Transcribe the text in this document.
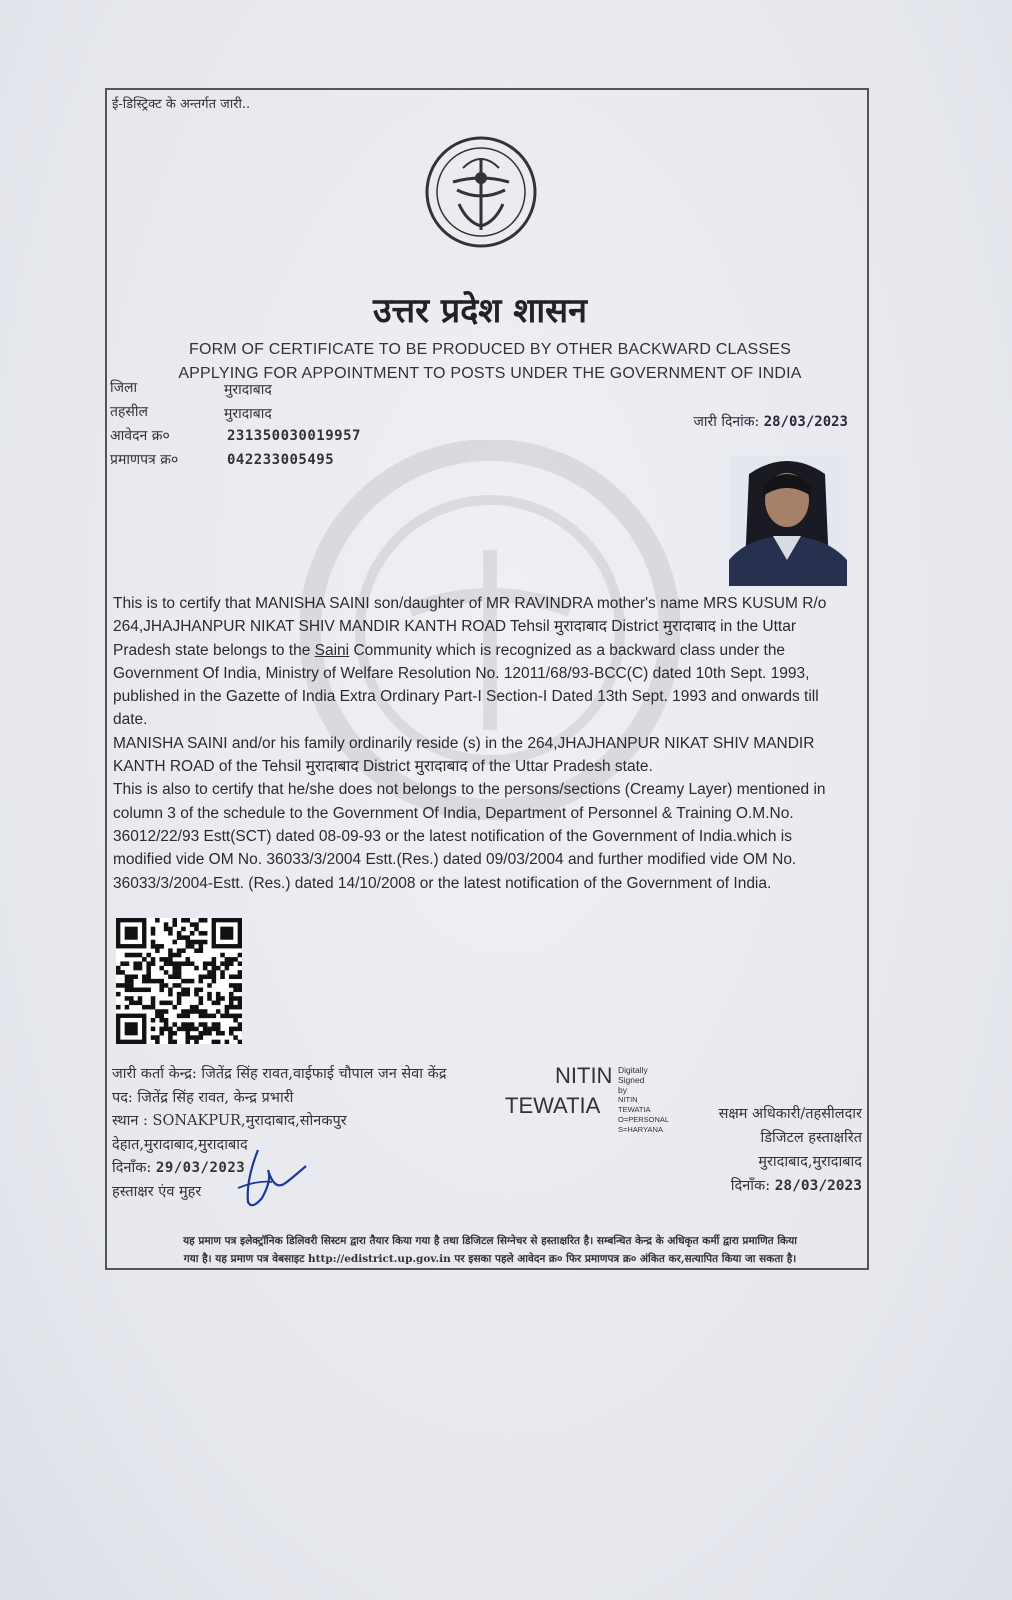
ई-डिस्ट्रिक्ट के अन्तर्गत जारी..
उत्तर प्रदेश शासन
FORM OF CERTIFICATE TO BE PRODUCED BY OTHER BACKWARD CLASSES
APPLYING FOR APPOINTMENT TO POSTS UNDER THE GOVERNMENT OF INDIA
जिला	मुरादाबाद
तहसील	मुरादाबाद
आवेदन क्र०	231350030019957
प्रमाणपत्र क्र०	042233005495
जारी दिनांक: 28/03/2023

This is to certify that MANISHA SAINI son/daughter of MR RAVINDRA mother's name MRS KUSUM R/o 264,JHAJHANPUR NIKAT SHIV MANDIR KANTH ROAD Tehsil मुरादाबाद District मुरादाबाद in the Uttar Pradesh state belongs to the Saini Community which is recognized as a backward class under the Government Of India, Ministry of Welfare Resolution No. 12011/68/93-BCC(C) dated 10th Sept. 1993, published in the Gazette of India Extra Ordinary Part-I Section-I Dated 13th Sept. 1993 and onwards till date.

MANISHA SAINI and/or his family ordinarily reside (s) in the 264,JHAJHANPUR NIKAT SHIV MANDIR KANTH ROAD of the Tehsil मुरादाबाद District मुरादाबाद of the Uttar Pradesh state.

This is also to certify that he/she does not belongs to the persons/sections (Creamy Layer) mentioned in column 3 of the schedule to the Government Of India, Department of Personnel & Training O.M.No. 36012/22/93 Estt(SCT) dated 08-09-93 or the latest notification of the Government of India.which is modified vide OM No. 36033/3/2004 Estt.(Res.) dated 09/03/2004 and further modified vide OM No. 36033/3/2004-Estt. (Res.) dated 14/10/2008 or the latest notification of the Government of India.

जारी कर्ता केन्द्र: जितेंद्र सिंह रावत,वाईफाई चौपाल जन सेवा केंद्र
पद: जितेंद्र सिंह रावत, केन्द्र प्रभारी
स्थान : SONAKPUR,मुरादाबाद,सोनकपुर
देहात,मुरादाबाद,मुरादाबाद
दिनाँक: 29/03/2023
हस्ताक्षर एंव मुहर
NITIN Digitally
Signed by
TEWATIA NITIN TEWATIA
O=PERSONAL
S=HARYANA
सक्षम अधिकारी/तहसीलदार
डिजिटल हस्ताक्षरित
मुरादाबाद,मुरादाबाद
दिनाँक: 28/03/2023
यह प्रमाण पत्र इलेक्ट्रॉनिक डिलिवरी सिस्टम द्वारा तैयार किया गया है तथा डिजिटल सिग्नेचर से हस्ताक्षरित है। सम्बन्धित केन्द्र के अधिकृत कर्मी द्वारा प्रमाणित किया
गया है। यह प्रमाण पत्र वेबसाइट http://edistrict.up.gov.in पर इसका पहले आवेदन क्र० फिर प्रमाणपत्र क्र० अंकित कर,सत्यापित किया जा सकता है।
